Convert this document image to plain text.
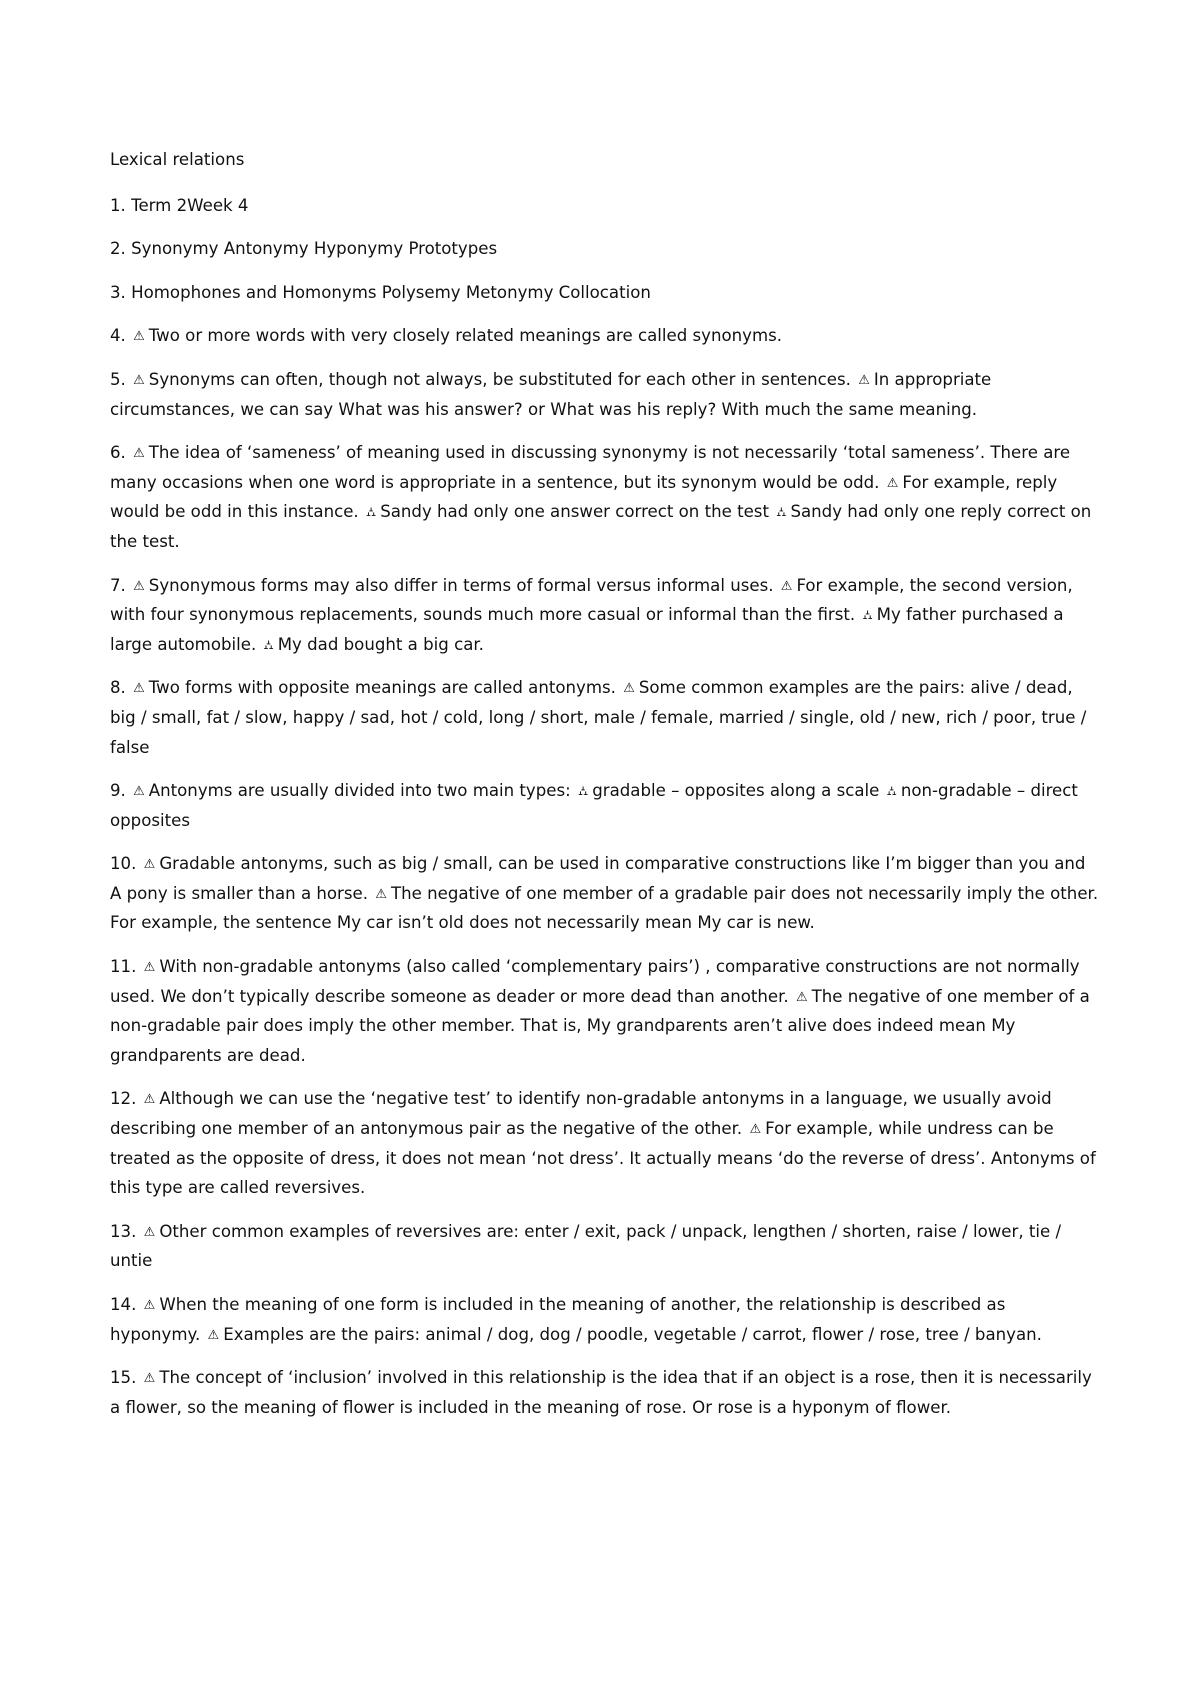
Lexical relations

1. Term 2Week 4

2. Synonymy Antonymy Hyponymy Prototypes

3. Homophones and Homonyms Polysemy Metonymy Collocation

4. ⚠ Two or more words with very closely related meanings are called synonyms.

5. ⚠ Synonyms can often, though not always, be substituted for each other in sentences. ⚠ In appropriate circumstances, we can say What was his answer? or What was his reply? With much the same meaning.

6. ⚠ The idea of ‘sameness’ of meaning used in discussing synonymy is not necessarily ‘total sameness’. There are many occasions when one word is appropriate in a sentence, but its synonym would be odd. ⚠ For example, reply would be odd in this instance. ⛼ Sandy had only one answer correct on the test ⛼ Sandy had only one reply correct on the test.

7. ⚠ Synonymous forms may also differ in terms of formal versus informal uses. ⚠ For example, the second version, with four synonymous replacements, sounds much more casual or informal than the first. ⛼ My father purchased a large automobile. ⛼ My dad bought a big car.

8. ⚠ Two forms with opposite meanings are called antonyms. ⚠ Some common examples are the pairs: alive / dead, big / small, fat / slow, happy / sad, hot / cold, long / short, male / female, married / single, old / new, rich / poor, true / false

9. ⚠ Antonyms are usually divided into two main types: ⛼ gradable – opposites along a scale ⛼ non-gradable – direct opposites

10. ⚠ Gradable antonyms, such as big / small, can be used in comparative constructions like I’m bigger than you and A pony is smaller than a horse. ⚠ The negative of one member of a gradable pair does not necessarily imply the other. For example, the sentence My car isn’t old does not necessarily mean My car is new.

11. ⚠ With non-gradable antonyms (also called ‘complementary pairs’) , comparative constructions are not normally used. We don’t typically describe someone as deader or more dead than another. ⚠ The negative of one member of a non-gradable pair does imply the other member. That is, My grandparents aren’t alive does indeed mean My grandparents are dead.

12. ⚠ Although we can use the ‘negative test’ to identify non-gradable antonyms in a language, we usually avoid describing one member of an antonymous pair as the negative of the other. ⚠ For example, while undress can be treated as the opposite of dress, it does not mean ‘not dress’. It actually means ‘do the reverse of dress’. Antonyms of this type are called reversives.

13. ⚠ Other common examples of reversives are: enter / exit, pack / unpack, lengthen / shorten, raise / lower, tie / untie

14. ⚠ When the meaning of one form is included in the meaning of another, the relationship is described as hyponymy. ⚠ Examples are the pairs: animal / dog, dog / poodle, vegetable / carrot, flower / rose, tree / banyan.

15. ⚠ The concept of ‘inclusion’ involved in this relationship is the idea that if an object is a rose, then it is necessarily a flower, so the meaning of flower is included in the meaning of rose. Or rose is a hyponym of flower.
